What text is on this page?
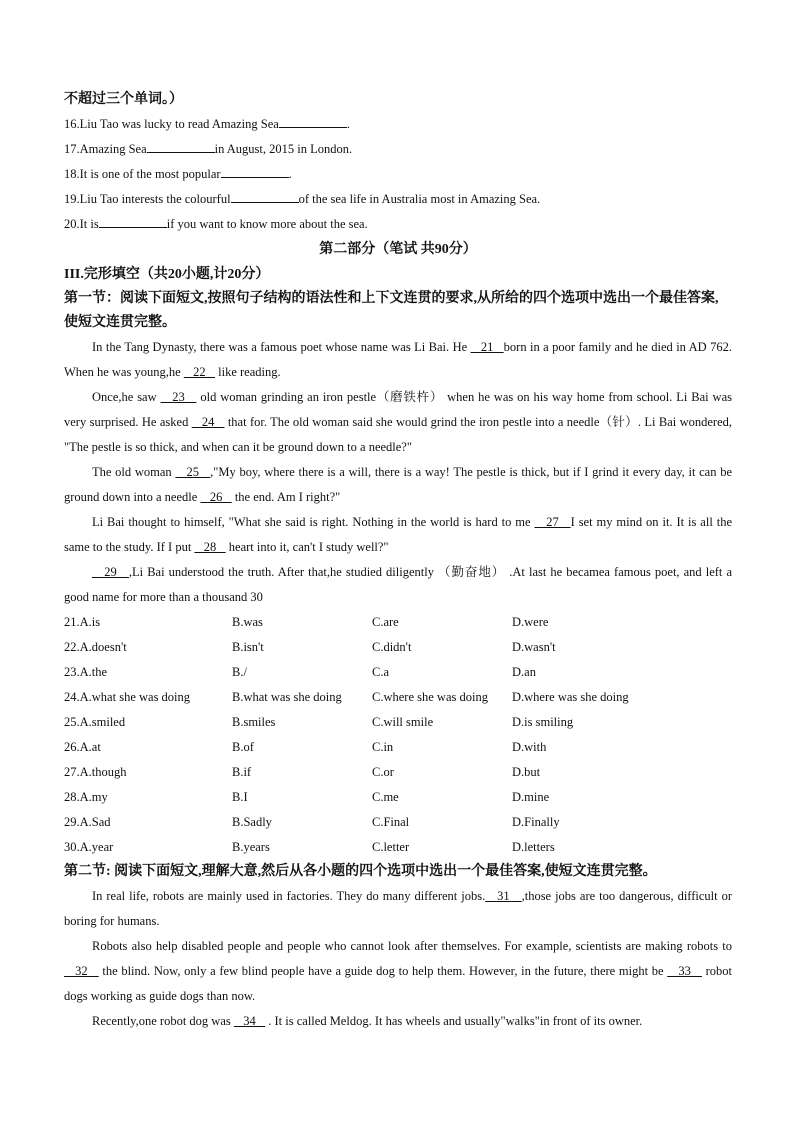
不超过三个单词。）
16.Liu Tao was lucky to read Amazing Sea	.
17.Amazing Sea	in August, 2015 in London.
18.It is one of the most popular	.
19.Liu Tao interests the colourful	of the sea life in Australia most in Amazing Sea.
20.It is	if you want to know more about the sea.
第二部分（笔试 共90分）
III.完形填空（共20小题,计20分）
第一节：阅读下面短文,按照句子结构的语法性和上下文连贯的要求,从所给的四个选项中选出一个最佳答案,使短文连贯完整。
In the Tang Dynasty, there was a famous poet whose name was Li Bai. He    21   born in a poor family and he died in AD 762. When he was young,he    22    like reading.
Once,he saw    23    old woman grinding an iron pestle（磨铁杵） when he was on his way home from school. Li Bai was very surprised. He asked    24    that for. The old woman said she would grind the iron pestle into a needle（针）. Li Bai wondered, "The pestle is so thick, and when can it be ground down to a needle?"
The old woman    25   ,"My boy, where there is a will, there is a way! The pestle is thick, but if I grind it every day, it can be ground down into a needle    26    the end. Am I right?"
Li Bai thought to himself, "What she said is right. Nothing in the world is hard to me    27   I set my mind on it. It is all the same to the study. If I put    28    heart into it, can't I study well?"
29   ,Li Bai understood the truth. After that,he studied diligently （勤奋地） .At last he becamea famous poet, and left a good name for more than a thousand 30
21.A.is	B.was	C.are	D.were
22.A.doesn't	B.isn't	C.didn't	D.wasn't
23.A.the	B./	C.a	D.an
24.A.what she was doing	B.what was she doing	C.where she was doing	D.where was she doing
25.A.smiled	B.smiles	C.will smile	D.is smiling
26.A.at	B.of	C.in	D.with
27.A.though	B.if	C.or	D.but
28.A.my	B.I	C.me	D.mine
29.A.Sad	B.Sadly	C.Final	D.Finally
30.A.year	B.years	C.letter	D.letters
第二节: 阅读下面短文,理解大意,然后从各小题的四个选项中选出一个最佳答案,使短文连贯完整。
In real life, robots are mainly used in factories. They do many different jobs.   31   ,those jobs are too dangerous, difficult or boring for humans.
Robots also help disabled people and people who cannot look after themselves. For example, scientists are making robots to    32    the blind. Now, only a few blind people have a guide dog to help them. However, in the future, there might be    33    robot dogs working as guide dogs than now.
Recently,one robot dog was    34    . It is called Meldog. It has wheels and usually"walks"in front of its owner.
